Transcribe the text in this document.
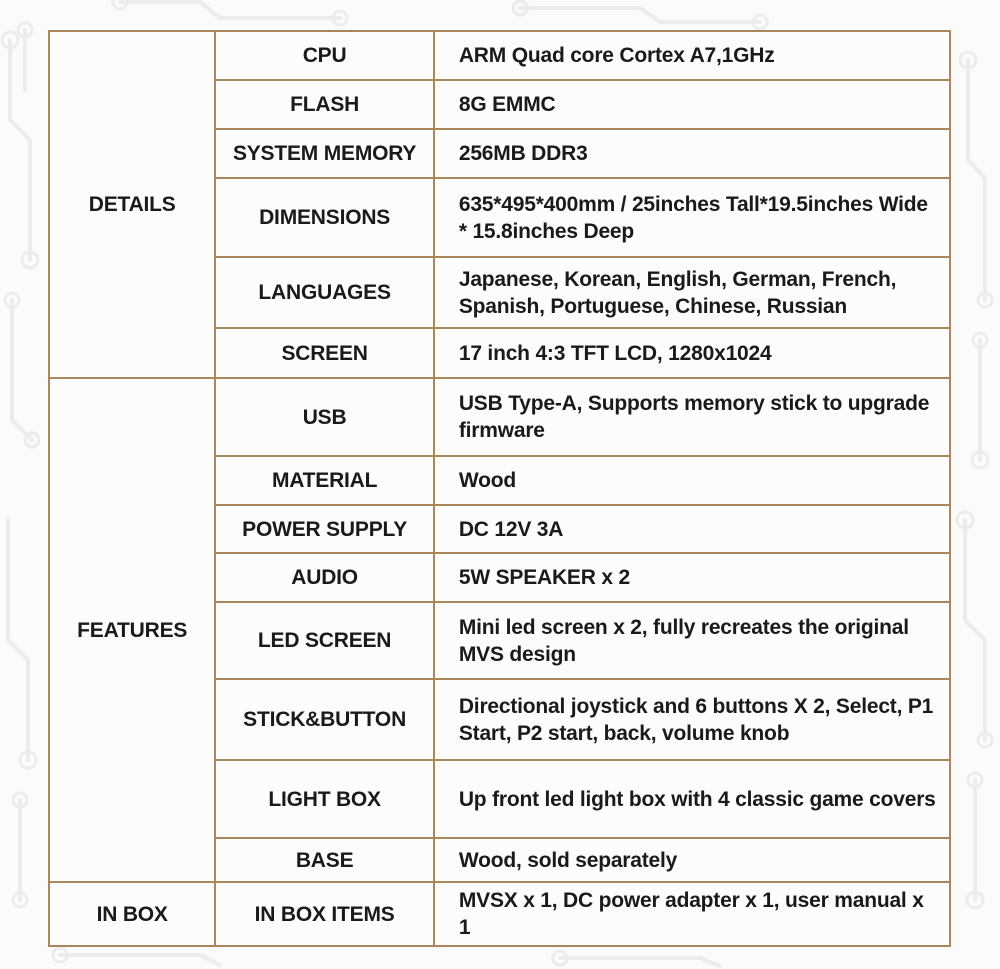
DETAILS	CPU	ARM Quad core Cortex A7,1GHz
	FLASH	8G EMMC
	SYSTEM MEMORY	256MB DDR3
	DIMENSIONS	635*495*400mm / 25inches Tall*19.5inches Wide * 15.8inches Deep
	LANGUAGES	Japanese, Korean, English, German, French, Spanish, Portuguese, Chinese, Russian
	SCREEN	17 inch 4:3 TFT LCD, 1280x1024
FEATURES	USB	USB Type-A, Supports memory stick to upgrade firmware
	MATERIAL	Wood
	POWER SUPPLY	DC 12V 3A
	AUDIO	5W SPEAKER x 2
	LED SCREEN	Mini led screen x 2, fully recreates the original MVS design
	STICK&BUTTON	Directional joystick and 6 buttons X 2, Select, P1 Start, P2 start, back, volume knob
	LIGHT BOX	Up front led light box with 4 classic game covers
	BASE	Wood, sold separately
IN BOX	IN BOX ITEMS	MVSX x 1, DC power adapter x 1, user manual x 1
